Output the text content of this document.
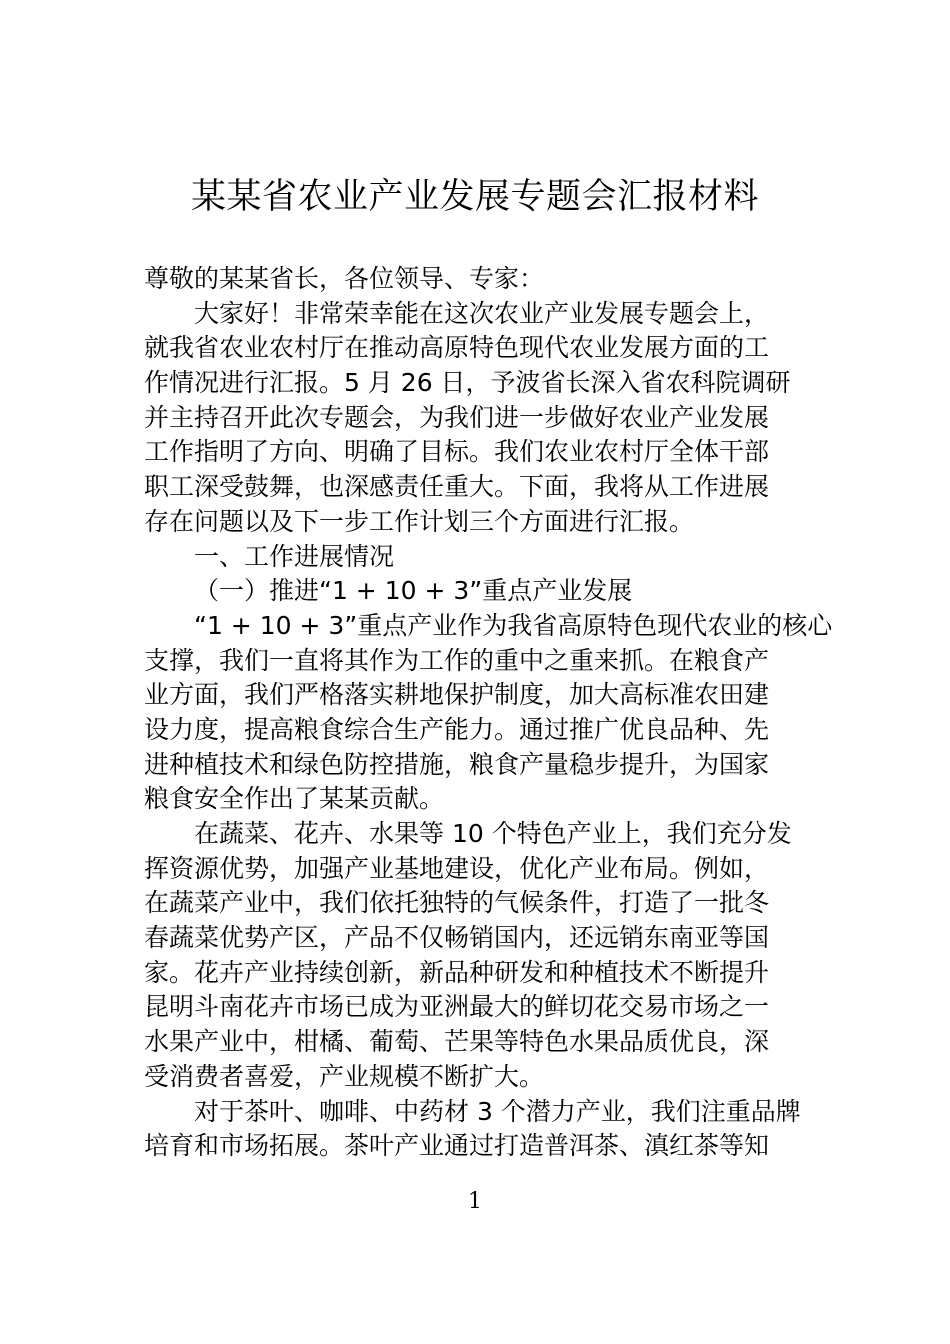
某某省农业产业发展专题会汇报材料
尊敬的某某省长，各位领导、专家：
大家好！非常荣幸能在这次农业产业发展专题会上，
就我省农业农村厅在推动高原特色现代农业发展方面的工
作情况进行汇报。5 月 26 日，予波省长深入省农科院调研
并主持召开此次专题会，为我们进一步做好农业产业发展
工作指明了方向、明确了目标。我们农业农村厅全体干部
职工深受鼓舞，也深感责任重大。下面，我将从工作进展
存在问题以及下一步工作计划三个方面进行汇报。
一、工作进展情况
（一）推进“1 + 10 + 3”重点产业发展
“1 + 10 + 3”重点产业作为我省高原特色现代农业的核心
支撑，我们一直将其作为工作的重中之重来抓。在粮食产
业方面，我们严格落实耕地保护制度，加大高标准农田建
设力度，提高粮食综合生产能力。通过推广优良品种、先
进种植技术和绿色防控措施，粮食产量稳步提升，为国家
粮食安全作出了某某贡献。
在蔬菜、花卉、水果等 10 个特色产业上，我们充分发
挥资源优势，加强产业基地建设，优化产业布局。例如，
在蔬菜产业中，我们依托独特的气候条件，打造了一批冬
春蔬菜优势产区，产品不仅畅销国内，还远销东南亚等国
家。花卉产业持续创新，新品种研发和种植技术不断提升
昆明斗南花卉市场已成为亚洲最大的鲜切花交易市场之一
水果产业中，柑橘、葡萄、芒果等特色水果品质优良，深
受消费者喜爱，产业规模不断扩大。
对于茶叶、咖啡、中药材 3 个潜力产业，我们注重品牌
培育和市场拓展。茶叶产业通过打造普洱茶、滇红茶等知
1
